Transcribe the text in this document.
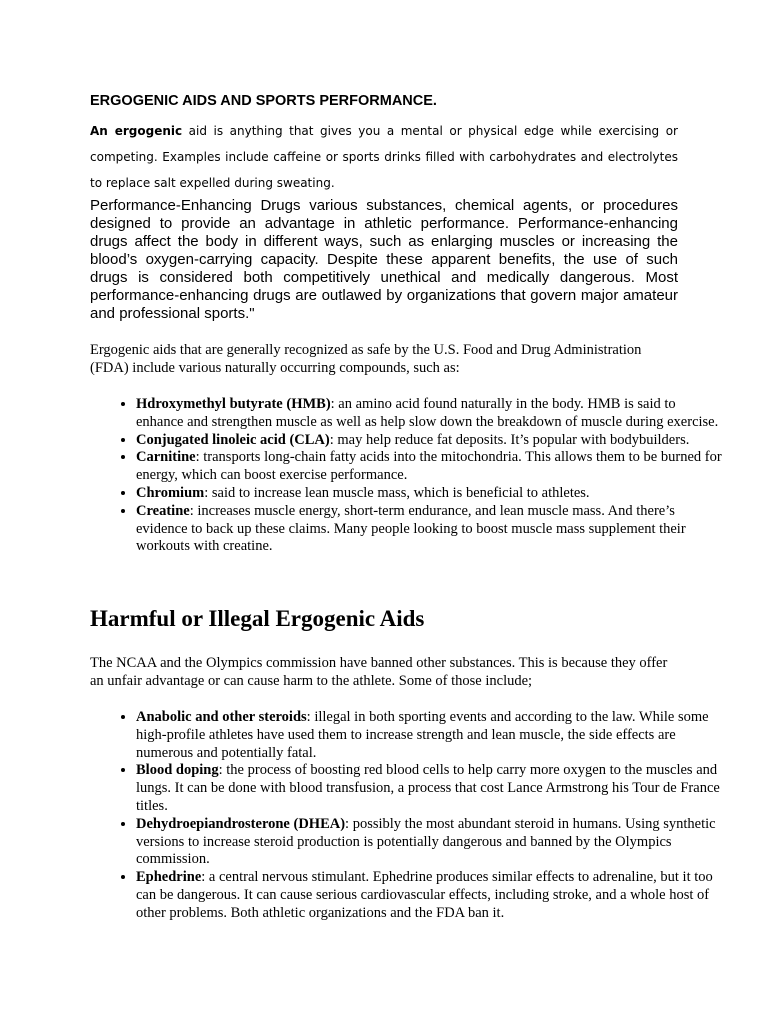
ERGOGENIC AIDS AND SPORTS PERFORMANCE.

An ergogenic aid is anything that gives you a mental or physical edge while exercising or competing. Examples include caffeine or sports drinks filled with carbohydrates and electrolytes to replace salt expelled during sweating.

Performance-Enhancing Drugs various substances, chemical agents, or procedures designed to provide an advantage in athletic performance. Performance-enhancing drugs affect the body in different ways, such as enlarging muscles or increasing the blood’s oxygen-carrying capacity. Despite these apparent benefits, the use of such drugs is considered both competitively unethical and medically dangerous. Most performance-enhancing drugs are outlawed by organizations that govern major amateur and professional sports."

Ergogenic aids that are generally recognized as safe by the U.S. Food and Drug Administration (FDA) include various naturally occurring compounds, such as:

• Hdroxymethyl butyrate (HMB): an amino acid found naturally in the body. HMB is said to enhance and strengthen muscle as well as help slow down the breakdown of muscle during exercise.
• Conjugated linoleic acid (CLA): may help reduce fat deposits. It’s popular with bodybuilders.
• Carnitine: transports long-chain fatty acids into the mitochondria. This allows them to be burned for energy, which can boost exercise performance.
• Chromium: said to increase lean muscle mass, which is beneficial to athletes.
• Creatine: increases muscle energy, short-term endurance, and lean muscle mass. And there’s evidence to back up these claims. Many people looking to boost muscle mass supplement their workouts with creatine.
Harmful or Illegal Ergogenic Aids

The NCAA and the Olympics commission have banned other substances. This is because they offer an unfair advantage or can cause harm to the athlete. Some of those include;

• Anabolic and other steroids: illegal in both sporting events and according to the law. While some high-profile athletes have used them to increase strength and lean muscle, the side effects are numerous and potentially fatal.
• Blood doping: the process of boosting red blood cells to help carry more oxygen to the muscles and lungs. It can be done with blood transfusion, a process that cost Lance Armstrong his Tour de France titles.
• Dehydroepiandrosterone (DHEA): possibly the most abundant steroid in humans. Using synthetic versions to increase steroid production is potentially dangerous and banned by the Olympics commission.
• Ephedrine: a central nervous stimulant. Ephedrine produces similar effects to adrenaline, but it too can be dangerous. It can cause serious cardiovascular effects, including stroke, and a whole host of other problems. Both athletic organizations and the FDA ban it.
